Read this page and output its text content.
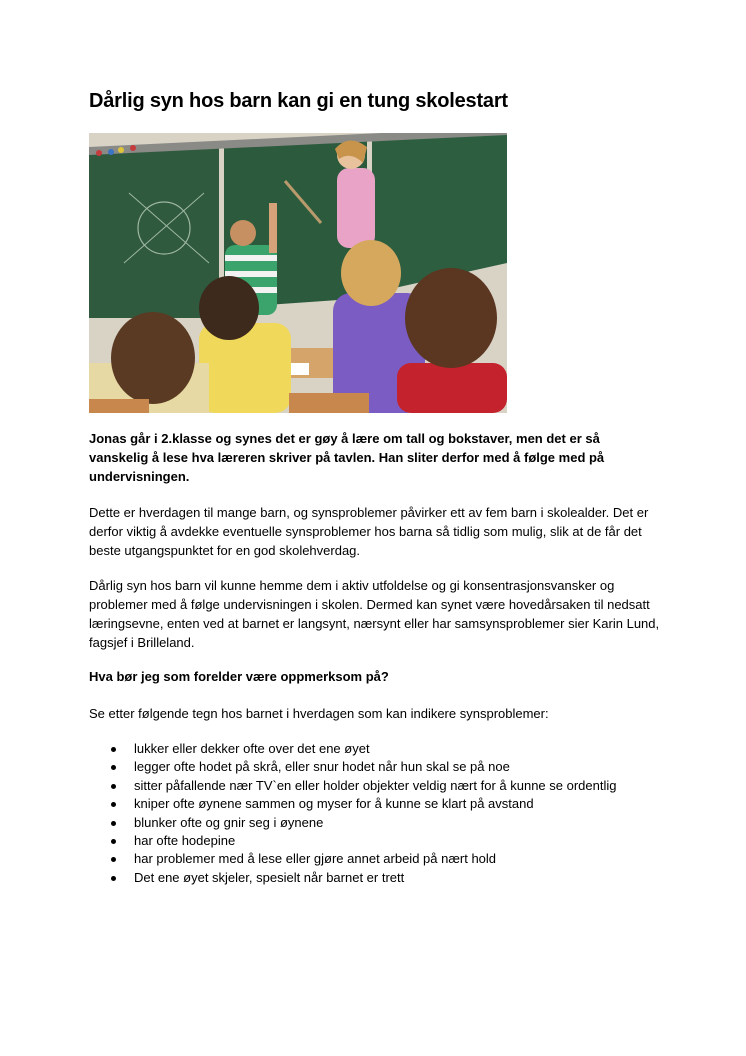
Dårlig syn hos barn kan gi en tung skolestart

Jonas går i 2.klasse og synes det er gøy å lære om tall og bokstaver, men det er så vanskelig å lese hva læreren skriver på tavlen. Han sliter derfor med å følge med på undervisningen.

Dette er hverdagen til mange barn, og synsproblemer påvirker ett av fem barn i skolealder. Det er derfor viktig å avdekke eventuelle synsproblemer hos barna så tidlig som mulig, slik at de får det beste utgangspunktet for en god skolehverdag.

Dårlig syn hos barn vil kunne hemme dem i aktiv utfoldelse og gi konsentrasjonsvansker og problemer med å følge undervisningen i skolen. Dermed kan synet være hovedårsaken til nedsatt læringsevne, enten ved at barnet er langsynt, nærsynt eller har samsynsproblemer sier Karin Lund, fagsjef i Brilleland.

Hva bør jeg som forelder være oppmerksom på?

Se etter følgende tegn hos barnet i hverdagen som kan indikere synsproblemer:

lukker eller dekker ofte over det ene øyet
legger ofte hodet på skrå, eller snur hodet når hun skal se på noe
sitter påfallende nær TV`en eller holder objekter veldig nært for å kunne se ordentlig
kniper ofte øynene sammen og myser for å kunne se klart på avstand
blunker ofte og gnir seg i øynene
har ofte hodepine
har problemer med å lese eller gjøre annet arbeid på nært hold
Det ene øyet skjeler, spesielt når barnet er trett
